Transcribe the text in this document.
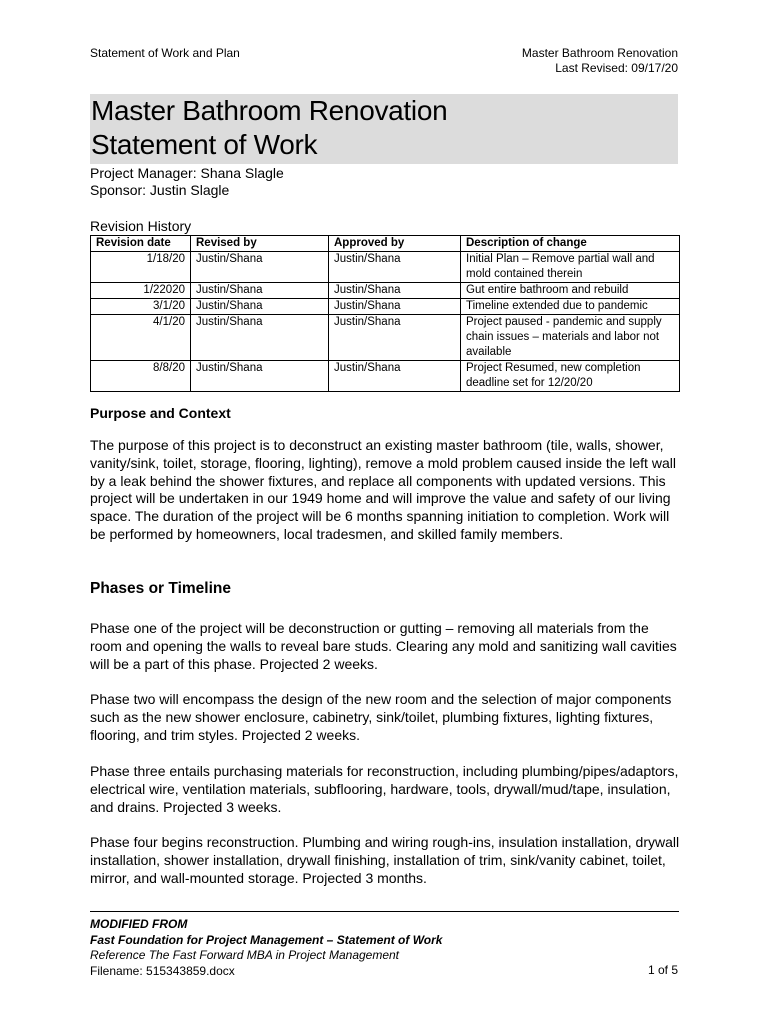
Statement of Work and Plan	Master Bathroom Renovation
Last Revised: 09/17/20
Master Bathroom Renovation
Statement of Work
Project Manager: Shana Slagle
Sponsor: Justin Slagle
Revision History
Revision date	Revised by	Approved by	Description of change
1/18/20	Justin/Shana	Justin/Shana	Initial Plan – Remove partial wall and mold contained therein
1/22020	Justin/Shana	Justin/Shana	Gut entire bathroom and rebuild
3/1/20	Justin/Shana	Justin/Shana	Timeline extended due to pandemic
4/1/20	Justin/Shana	Justin/Shana	Project paused - pandemic and supply chain issues – materials and labor not available
8/8/20	Justin/Shana	Justin/Shana	Project Resumed, new completion deadline set for 12/20/20
Purpose and Context
The purpose of this project is to deconstruct an existing master bathroom (tile, walls, shower, vanity/sink, toilet, storage, flooring, lighting), remove a mold problem caused inside the left wall by a leak behind the shower fixtures, and replace all components with updated versions. This project will be undertaken in our 1949 home and will improve the value and safety of our living space. The duration of the project will be 6 months spanning initiation to completion. Work will be performed by homeowners, local tradesmen, and skilled family members.
Phases or Timeline
Phase one of the project will be deconstruction or gutting – removing all materials from the room and opening the walls to reveal bare studs. Clearing any mold and sanitizing wall cavities will be a part of this phase. Projected 2 weeks.
Phase two will encompass the design of the new room and the selection of major components such as the new shower enclosure, cabinetry, sink/toilet, plumbing fixtures, lighting fixtures, flooring, and trim styles. Projected 2 weeks.
Phase three entails purchasing materials for reconstruction, including plumbing/pipes/adaptors, electrical wire, ventilation materials, subflooring, hardware, tools, drywall/mud/tape, insulation, and drains. Projected 3 weeks.
Phase four begins reconstruction. Plumbing and wiring rough-ins, insulation installation, drywall installation, shower installation, drywall finishing, installation of trim, sink/vanity cabinet, toilet, mirror, and wall-mounted storage. Projected 3 months.
MODIFIED FROM
Fast Foundation for Project Management – Statement of Work
Reference The Fast Forward MBA in Project Management
Filename: 515343859.docx	1 of 5
